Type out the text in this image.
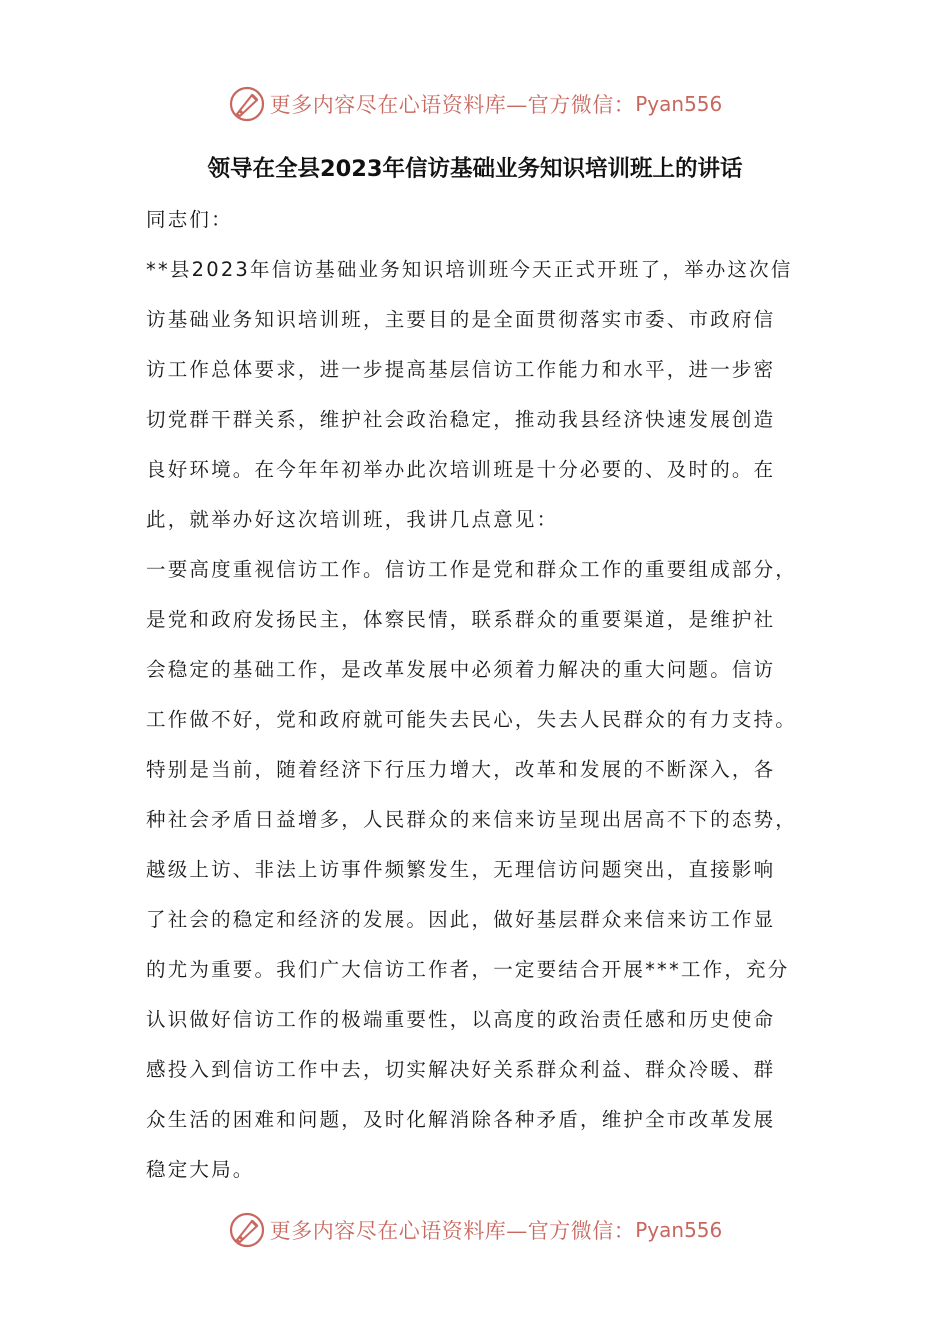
更多内容尽在心语资料库—官方微信： Pyan556
领导在全县2023年信访基础业务知识培训班上的讲话
同志们：
**县2023年信访基础业务知识培训班今天正式开班了，举办这次信
访基础业务知识培训班，主要目的是全面贯彻落实市委、市政府信
访工作总体要求，进一步提高基层信访工作能力和水平，进一步密
切党群干群关系，维护社会政治稳定，推动我县经济快速发展创造
良好环境。在今年年初举办此次培训班是十分必要的、及时的。在
此，就举办好这次培训班，我讲几点意见：
一要高度重视信访工作。信访工作是党和群众工作的重要组成部分，
是党和政府发扬民主，体察民情，联系群众的重要渠道，是维护社
会稳定的基础工作，是改革发展中必须着力解决的重大问题。信访
工作做不好，党和政府就可能失去民心，失去人民群众的有力支持。
特别是当前，随着经济下行压力增大，改革和发展的不断深入，各
种社会矛盾日益增多，人民群众的来信来访呈现出居高不下的态势，
越级上访、非法上访事件频繁发生，无理信访问题突出，直接影响
了社会的稳定和经济的发展。因此，做好基层群众来信来访工作显
的尤为重要。我们广大信访工作者，一定要结合开展***工作，充分
认识做好信访工作的极端重要性，以高度的政治责任感和历史使命
感投入到信访工作中去，切实解决好关系群众利益、群众冷暖、群
众生活的困难和问题，及时化解消除各种矛盾，维护全市改革发展
稳定大局。
更多内容尽在心语资料库—官方微信： Pyan556
